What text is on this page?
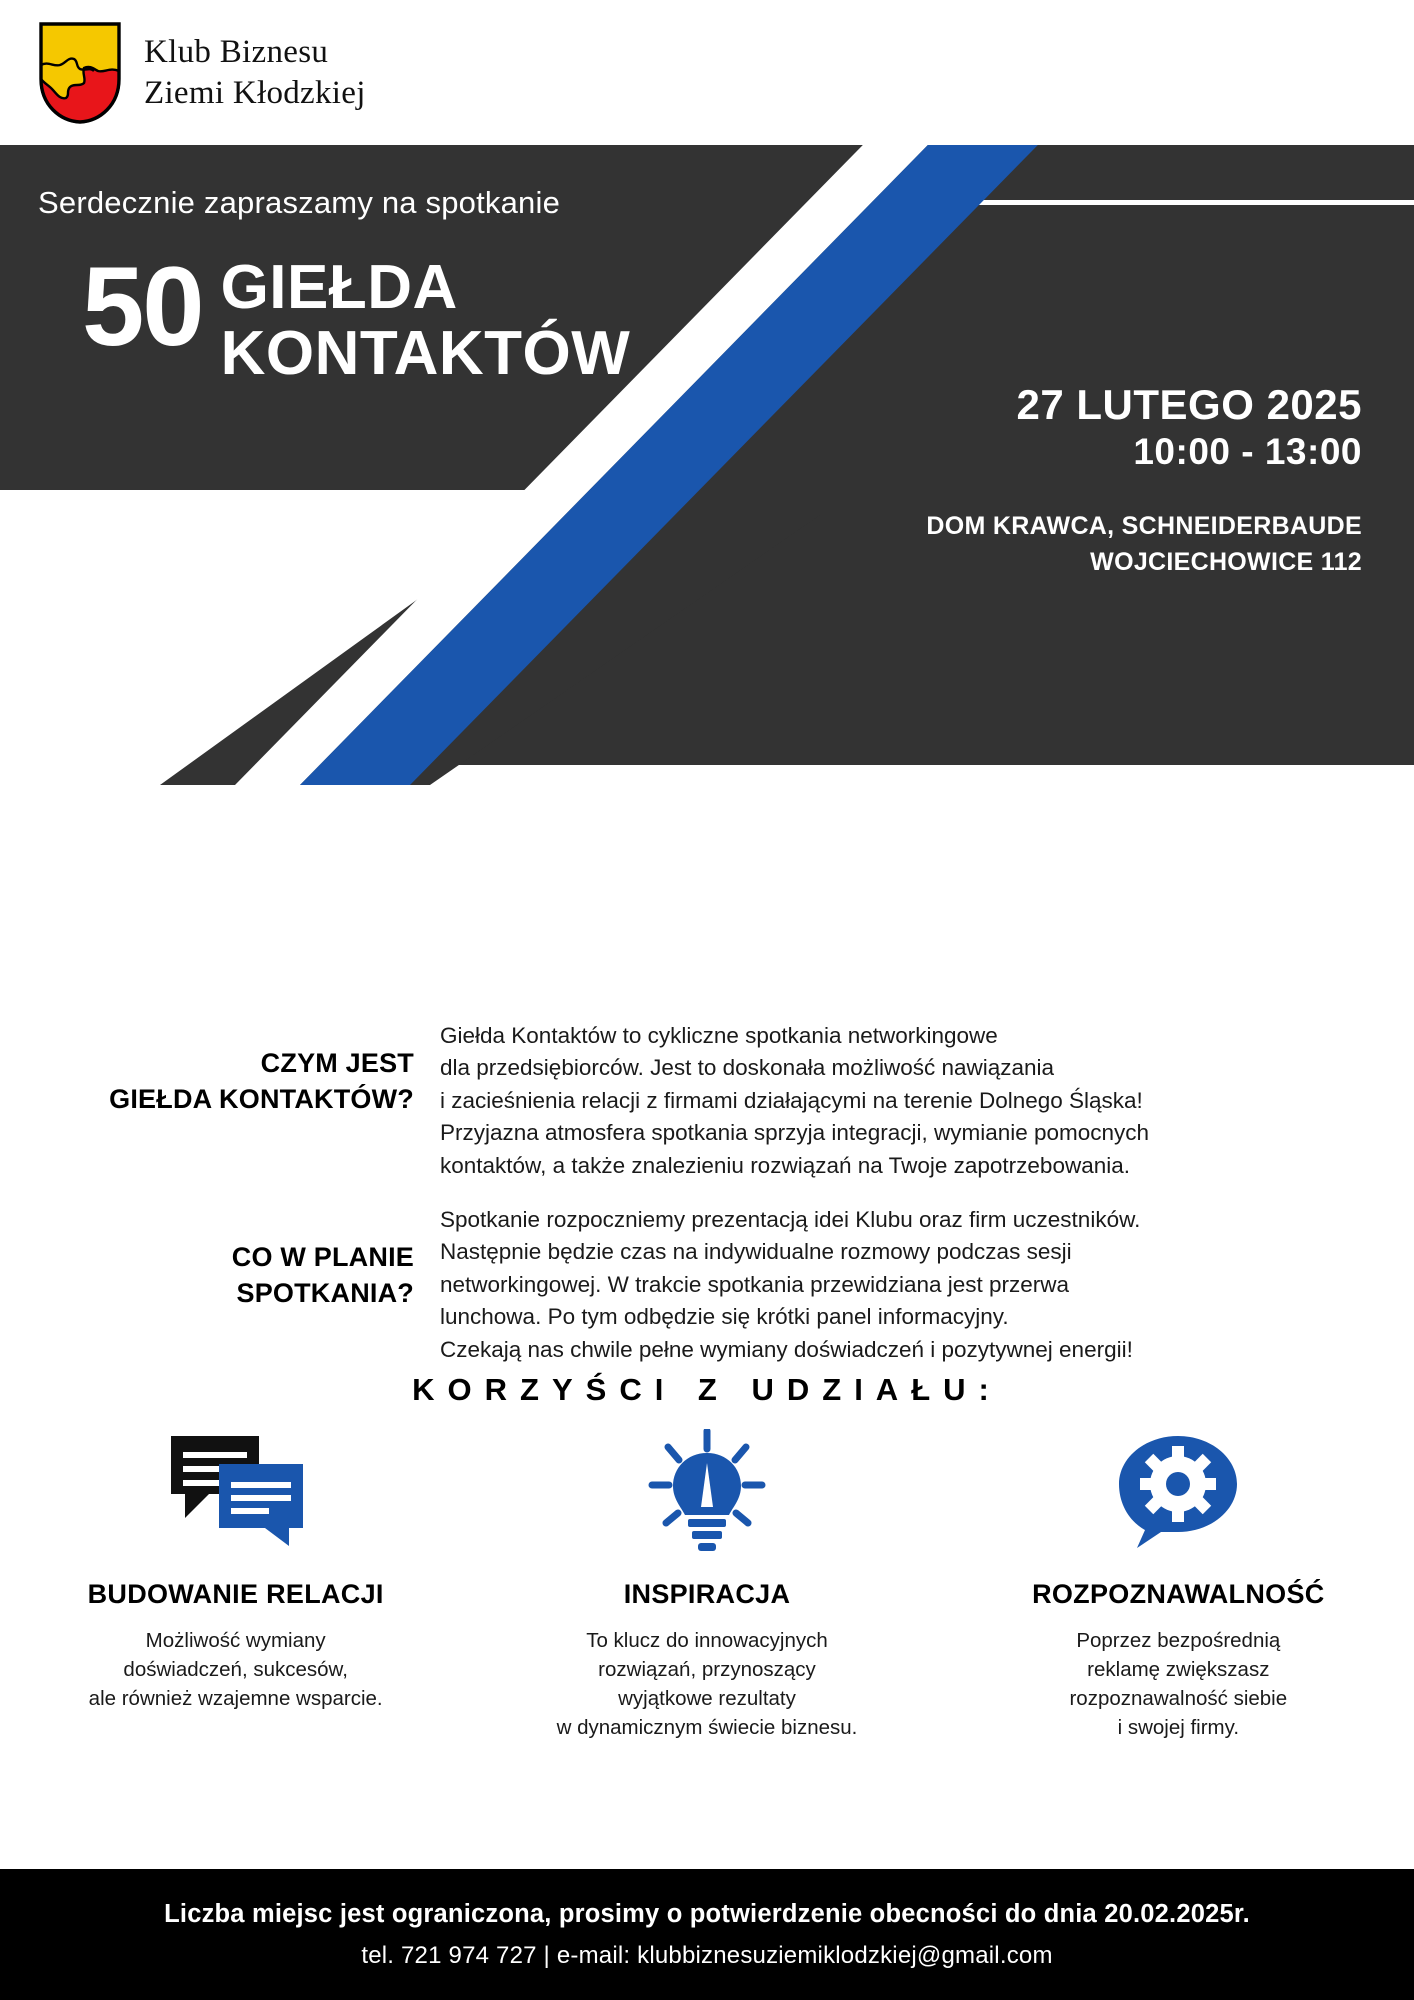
Klub Biznesu
Ziemi Kłodzkiej
Serdecznie zapraszamy na spotkanie
50 GIEŁDA
KONTAKTÓW
27 LUTEGO 2025
10:00 - 13:00
DOM KRAWCA, SCHNEIDERBAUDE
WOJCIECHOWICE 112
CZYM JEST
GIEŁDA KONTAKTÓW?
Giełda Kontaktów to cykliczne spotkania networkingowe
dla przedsiębiorców. Jest to doskonała możliwość nawiązania
i zacieśnienia relacji z firmami działającymi na terenie Dolnego Śląska!
Przyjazna atmosfera spotkania sprzyja integracji, wymianie pomocnych
kontaktów, a także znalezieniu rozwiązań na Twoje zapotrzebowania.
CO W PLANIE
SPOTKANIA?
Spotkanie rozpoczniemy prezentacją idei Klubu oraz firm uczestników.
Następnie będzie czas na indywidualne rozmowy podczas sesji
networkingowej. W trakcie spotkania przewidziana jest przerwa
lunchowa. Po tym odbędzie się krótki panel informacyjny.
Czekają nas chwile pełne wymiany doświadczeń i pozytywnej energii!
KORZYŚCI Z UDZIAŁU:
BUDOWANIE RELACJI
Możliwość wymiany
doświadczeń, sukcesów,
ale również wzajemne wsparcie.
INSPIRACJA
To klucz do innowacyjnych
rozwiązań, przynoszący
wyjątkowe rezultaty
w dynamicznym świecie biznesu.
ROZPOZNAWALNOŚĆ
Poprzez bezpośrednią
reklamę zwiększasz
rozpoznawalność siebie
i swojej firmy.
Liczba miejsc jest ograniczona, prosimy o potwierdzenie obecności do dnia 20.02.2025r.
tel. 721 974 727 | e-mail: klubbiznesuziemiklodzkiej@gmail.com
